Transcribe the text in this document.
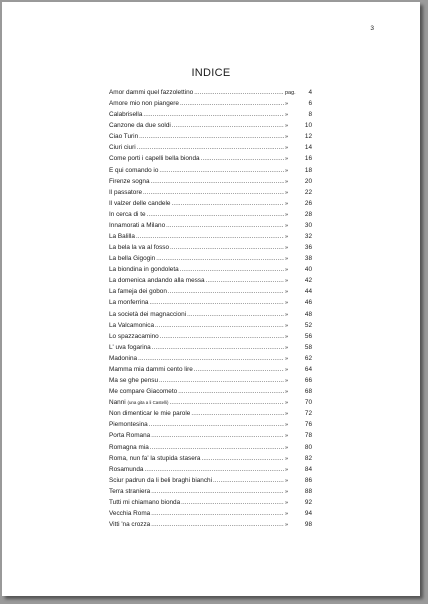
3
INDICE
Amor dammi quel fazzolettino .....	pag.	4
Amore mio non piangere .....	»	6
Calabrisella .....	»	8
Canzone da due soldi .....	»	10
Ciao Turin .....	»	12
Ciuri ciuri .....	»	14
Come porti i capelli bella bionda .....	»	16
E qui comando io .....	»	18
Firenze sogna .....	»	20
Il passatore .....	»	22
Il valzer delle candele .....	»	26
In cerca di te .....	»	28
Innamorati a Milano .....	»	30
La Balilla .....	»	32
La bela la va al fosso .....	»	36
La bella Gigogin .....	»	38
La biondina in gondoleta .....	»	40
La domenica andando alla messa .....	»	42
La fameja dei gobon .....	»	44
La monferrina .....	»	46
La società dei magnaccioni .....	»	48
La Valcamonica .....	»	52
Lo spazzacamino .....	»	56
L' uva fogarina .....	»	58
Madonina .....	»	62
Mamma mia dammi cento lire .....	»	64
Ma se ghe pensu .....	»	66
Me compare Giacometo .....	»	68
Nanni (una gita a li Castelli) .....	»	70
Non dimenticar le mie parole .....	»	72
Piemontesina .....	»	76
Porta Romana .....	»	78
Romagna mia .....	»	80
Roma, nun fa' la stupida stasera .....	»	82
Rosamunda .....	»	84
Sciur padrun da li beli braghi bianchi .....	»	86
Terra straniera .....	»	88
Tutti mi chiamano bionda .....	»	92
Vecchia Roma .....	»	94
Vitti 'na crozza .....	»	98
